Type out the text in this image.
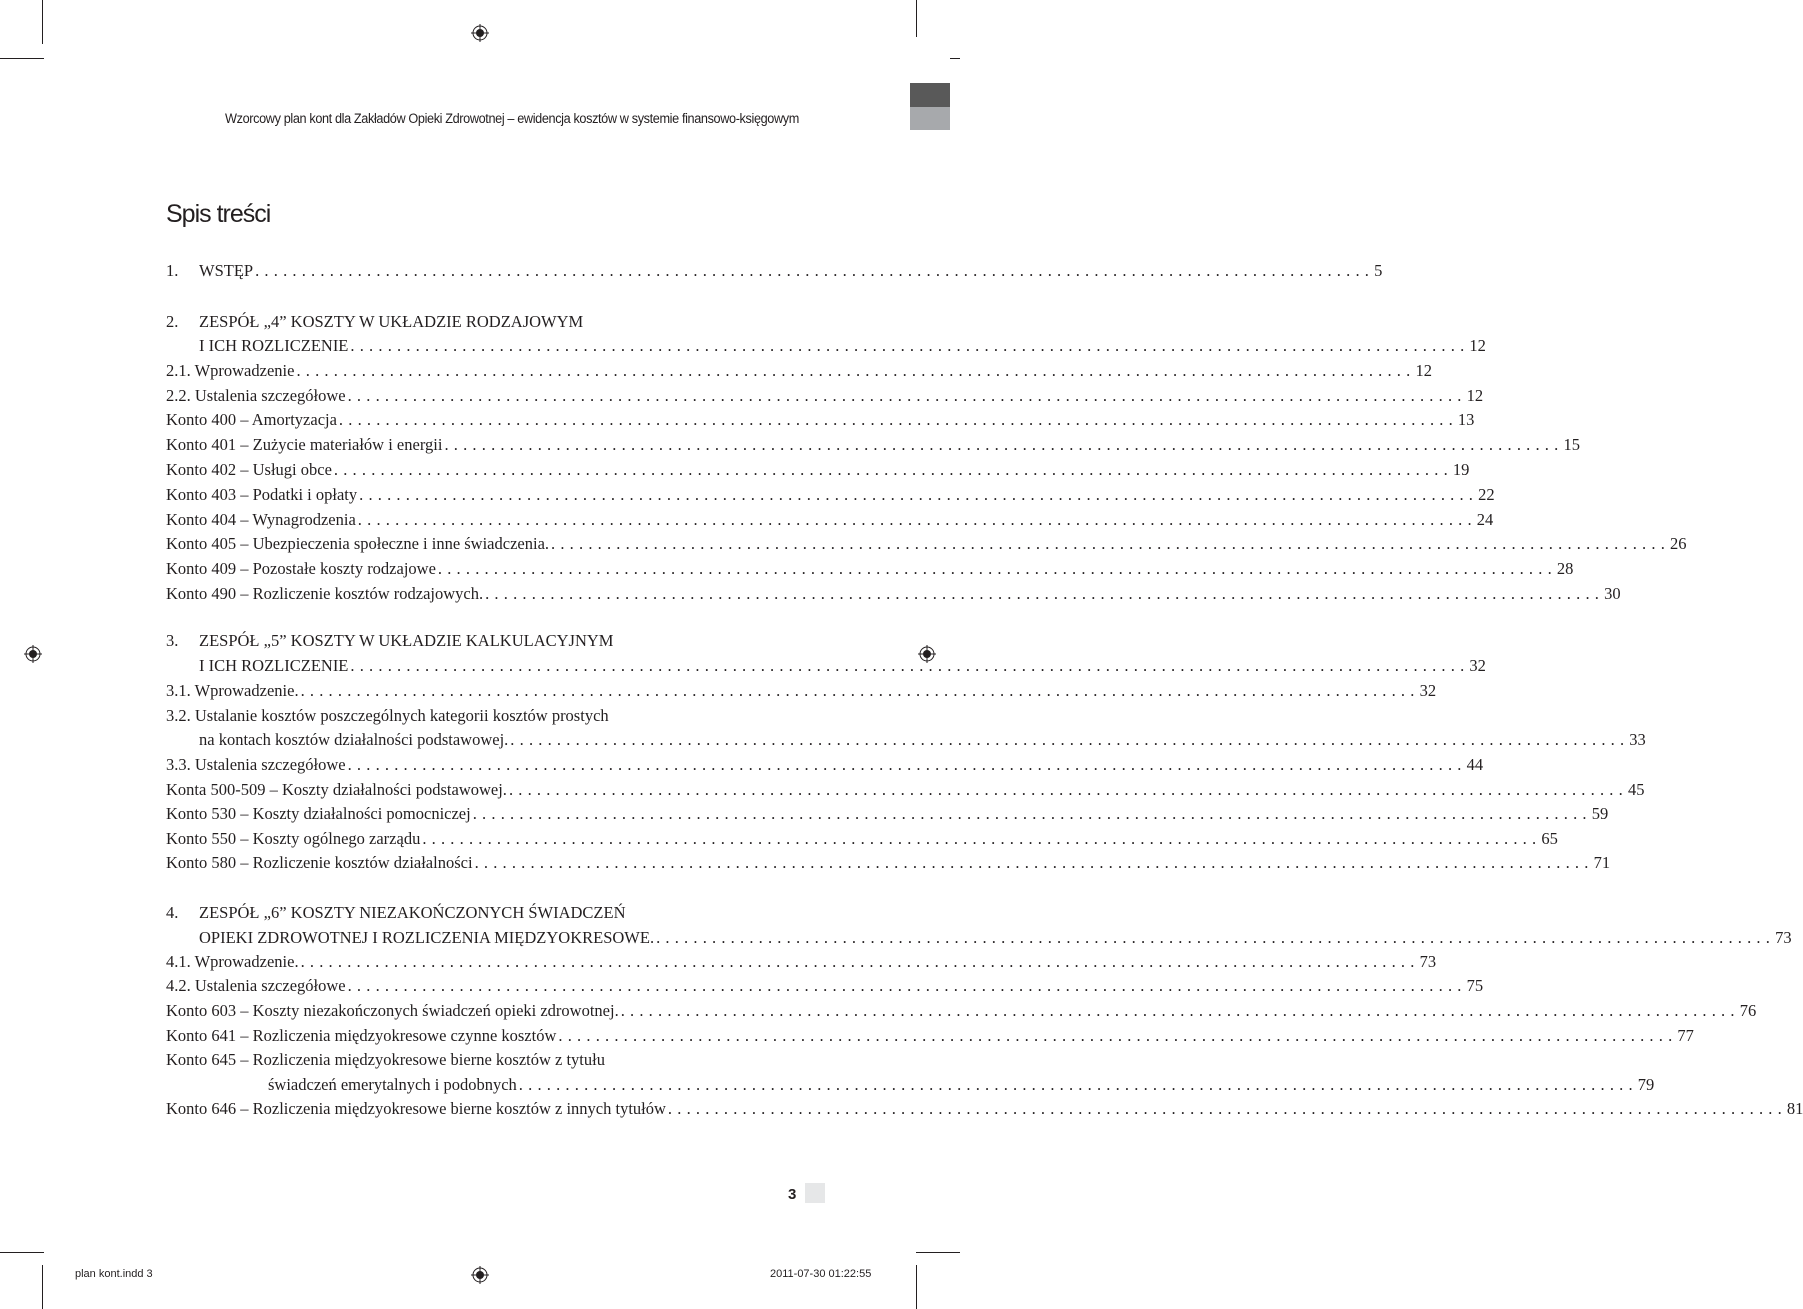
Wzorcowy plan kont dla Zakładów Opieki Zdrowotnej – ewidencja kosztów w systemie finansowo-księgowym
Spis treści
1. WSTĘP ........................................................................................................................ 5
2. ZESPÓŁ „4” KOSZTY W UKŁADZIE RODZAJOWYM
I ICH ROZLICZENIE ........................................................................................................................ 12
2.1. Wprowadzenie ........................................................................................................................ 12
2.2. Ustalenia szczegółowe ........................................................................................................................ 12
Konto 400 – Amortyzacja ........................................................................................................................ 13
Konto 401 – Zużycie materiałów i energii ........................................................................................................................ 15
Konto 402 – Usługi obce ........................................................................................................................ 19
Konto 403 – Podatki i opłaty ........................................................................................................................ 22
Konto 404 – Wynagrodzenia ........................................................................................................................ 24
Konto 405 – Ubezpieczenia społeczne i inne świadczenia. ........................................................................................................................ 26
Konto 409 – Pozostałe koszty rodzajowe ........................................................................................................................ 28
Konto 490 – Rozliczenie kosztów rodzajowych. ........................................................................................................................ 30
3. ZESPÓŁ „5” KOSZTY W UKŁADZIE KALKULACYJNYM
I ICH ROZLICZENIE ........................................................................................................................ 32
3.1. Wprowadzenie. ........................................................................................................................ 32
3.2. Ustalanie kosztów poszczególnych kategorii kosztów prostych
na kontach kosztów działalności podstawowej. ........................................................................................................................ 33
3.3. Ustalenia szczegółowe ........................................................................................................................ 44
Konta 500-509 – Koszty działalności podstawowej. ........................................................................................................................ 45
Konto 530 – Koszty działalności pomocniczej ........................................................................................................................ 59
Konto 550 – Koszty ogólnego zarządu ........................................................................................................................ 65
Konto 580 – Rozliczenie kosztów działalności ........................................................................................................................ 71
4. ZESPÓŁ „6” KOSZTY NIEZAKOŃCZONYCH ŚWIADCZEŃ
OPIEKI ZDROWOTNEJ I ROZLICZENIA MIĘDZYOKRESOWE. ........................................................................................................................ 73
4.1. Wprowadzenie. ........................................................................................................................ 73
4.2. Ustalenia szczegółowe ........................................................................................................................ 75
Konto 603 – Koszty niezakończonych świadczeń opieki zdrowotnej. ........................................................................................................................ 76
Konto 641 – Rozliczenia międzyokresowe czynne kosztów ........................................................................................................................ 77
Konto 645 – Rozliczenia międzyokresowe bierne kosztów z tytułu
świadczeń emerytalnych i podobnych ........................................................................................................................ 79
Konto 646 – Rozliczenia międzyokresowe bierne kosztów z innych tytułów ........................................................................................................................ 81
3
plan kont.indd 3	2011-07-30 01:22:55
